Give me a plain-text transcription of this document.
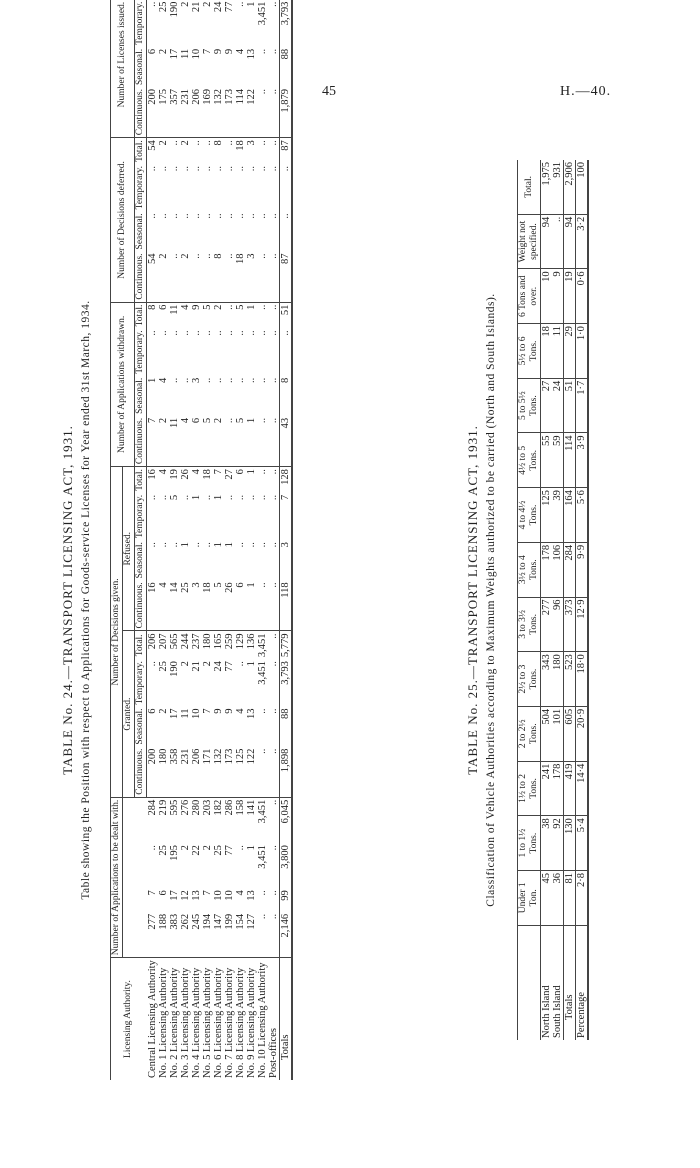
45	H.—40.
TABLE No. 24.—TRANSPORT LICENSING ACT, 1931. Table showing the Position with respect to Applications for Goods-service Licenses for Year ended 31st March, 1934.
Licensing Authority.	Number of Applications to be dealt with.				Number of Decisions given.								Number of Applications withdrawn.				Number of Decisions deferred.				Number of Licenses issued.							
					Granted.				Refused.																			
					Continuous.	Seasonal.	Temporary.	Total.	Continuous.	Seasonal.	Temporary.	Total.	Continuous.	Seasonal.	Temporary.	Total.	Continuous.	Seasonal.	Temporary.	Total.	Continuous.	Seasonal.	Temporary.					
Central Licensing Authority	277	7	..	284	200	6	..	206	16	..	..	16	7	1	..	8	54	..	..	54	200	6	..	
No. 1 Licensing Authority	188	6	25	219	180	2	25	207	4	..	..	4	2	4	..	6	2	..	..	2	175	2	25	
No. 2 Licensing Authority	383	17	195	595	358	17	190	565	14	..	5	19	11	..	..	11	..	..	..	..	357	17	190	
No. 3 Licensing Authority	262	12	2	276	231	11	2	244	25	1	..	26	4	..	..	4	2	..	..	2	231	11	2	
No. 4 Licensing Authority	245	13	22	280	206	10	21	237	3	..	1	4	6	3	..	9	..	..	..	..	206	10	21	
No. 5 Licensing Authority	194	7	2	203	171	7	2	180	18	..	..	18	5	..	..	5	..	..	..	..	169	7	2	
No. 6 Licensing Authority	147	10	25	182	132	9	24	165	5	1	1	7	2	..	..	2	8	..	..	8	132	9	24	
No. 7 Licensing Authority	199	10	77	286	173	9	77	259	26	1	..	27	..	..	..	..	..	..	..	..	173	9	77	
No. 8 Licensing Authority	154	4	..	158	125	4	..	129	6	..	..	6	5	..	..	5	18	..	..	18	114	4	..	
No. 9 Licensing Authority	127	13	1	141	122	13	1	136	1	..	..	1	1	..	..	1	3	..	..	3	122	13	1	
No. 10 Licensing Authority	..	..	3,451	3,451	..	..	3,451	3,451	..	..	..	..	..	..	..	..	..	..	..	..	..	..	3,451	
Post-offices	..	..	..	..	..	..	..	..	..	..	..	..	..	..	..	..	..	..	..	..	..	..	..	
Totals	2,146	99	3,800	6,045	1,898	88	3,793	5,779	118	3	7	128	43	8	..	51	87	..	..	87	1,879	88	3,793	
TABLE No. 25.—TRANSPORT LICENSING ACT, 1931. Classification of Vehicle Authorities according to Maximum Weights authorized to be carried (North and South Islands).
	Under 1 Ton.	1 to 1½ Tons.	1½ to 2 Tons.	2 to 2½ Tons.	2½ to 3 Tons.	3 to 3½ Tons.	3½ to 4 Tons.	4 to 4½ Tons.	4½ to 5 Tons.	5 to 5½ Tons.	5½ to 6 Tons.	6 Tons and over.	Weight not specified.	Total.
North Island	45	38	241	504	343	277	178	125	55	27	18	10	94	1,975
South Island	36	92	178	101	180	96	106	39	59	24	11	9	..	931
Totals	81	130	419	605	523	373	284	164	114	51	29	19	94	2,906
Percentage	2·8	5·4	14·4	20·9	18·0	12·9	9·9	5·6	3·9	1·7	1·0	0·6	3·2	100
